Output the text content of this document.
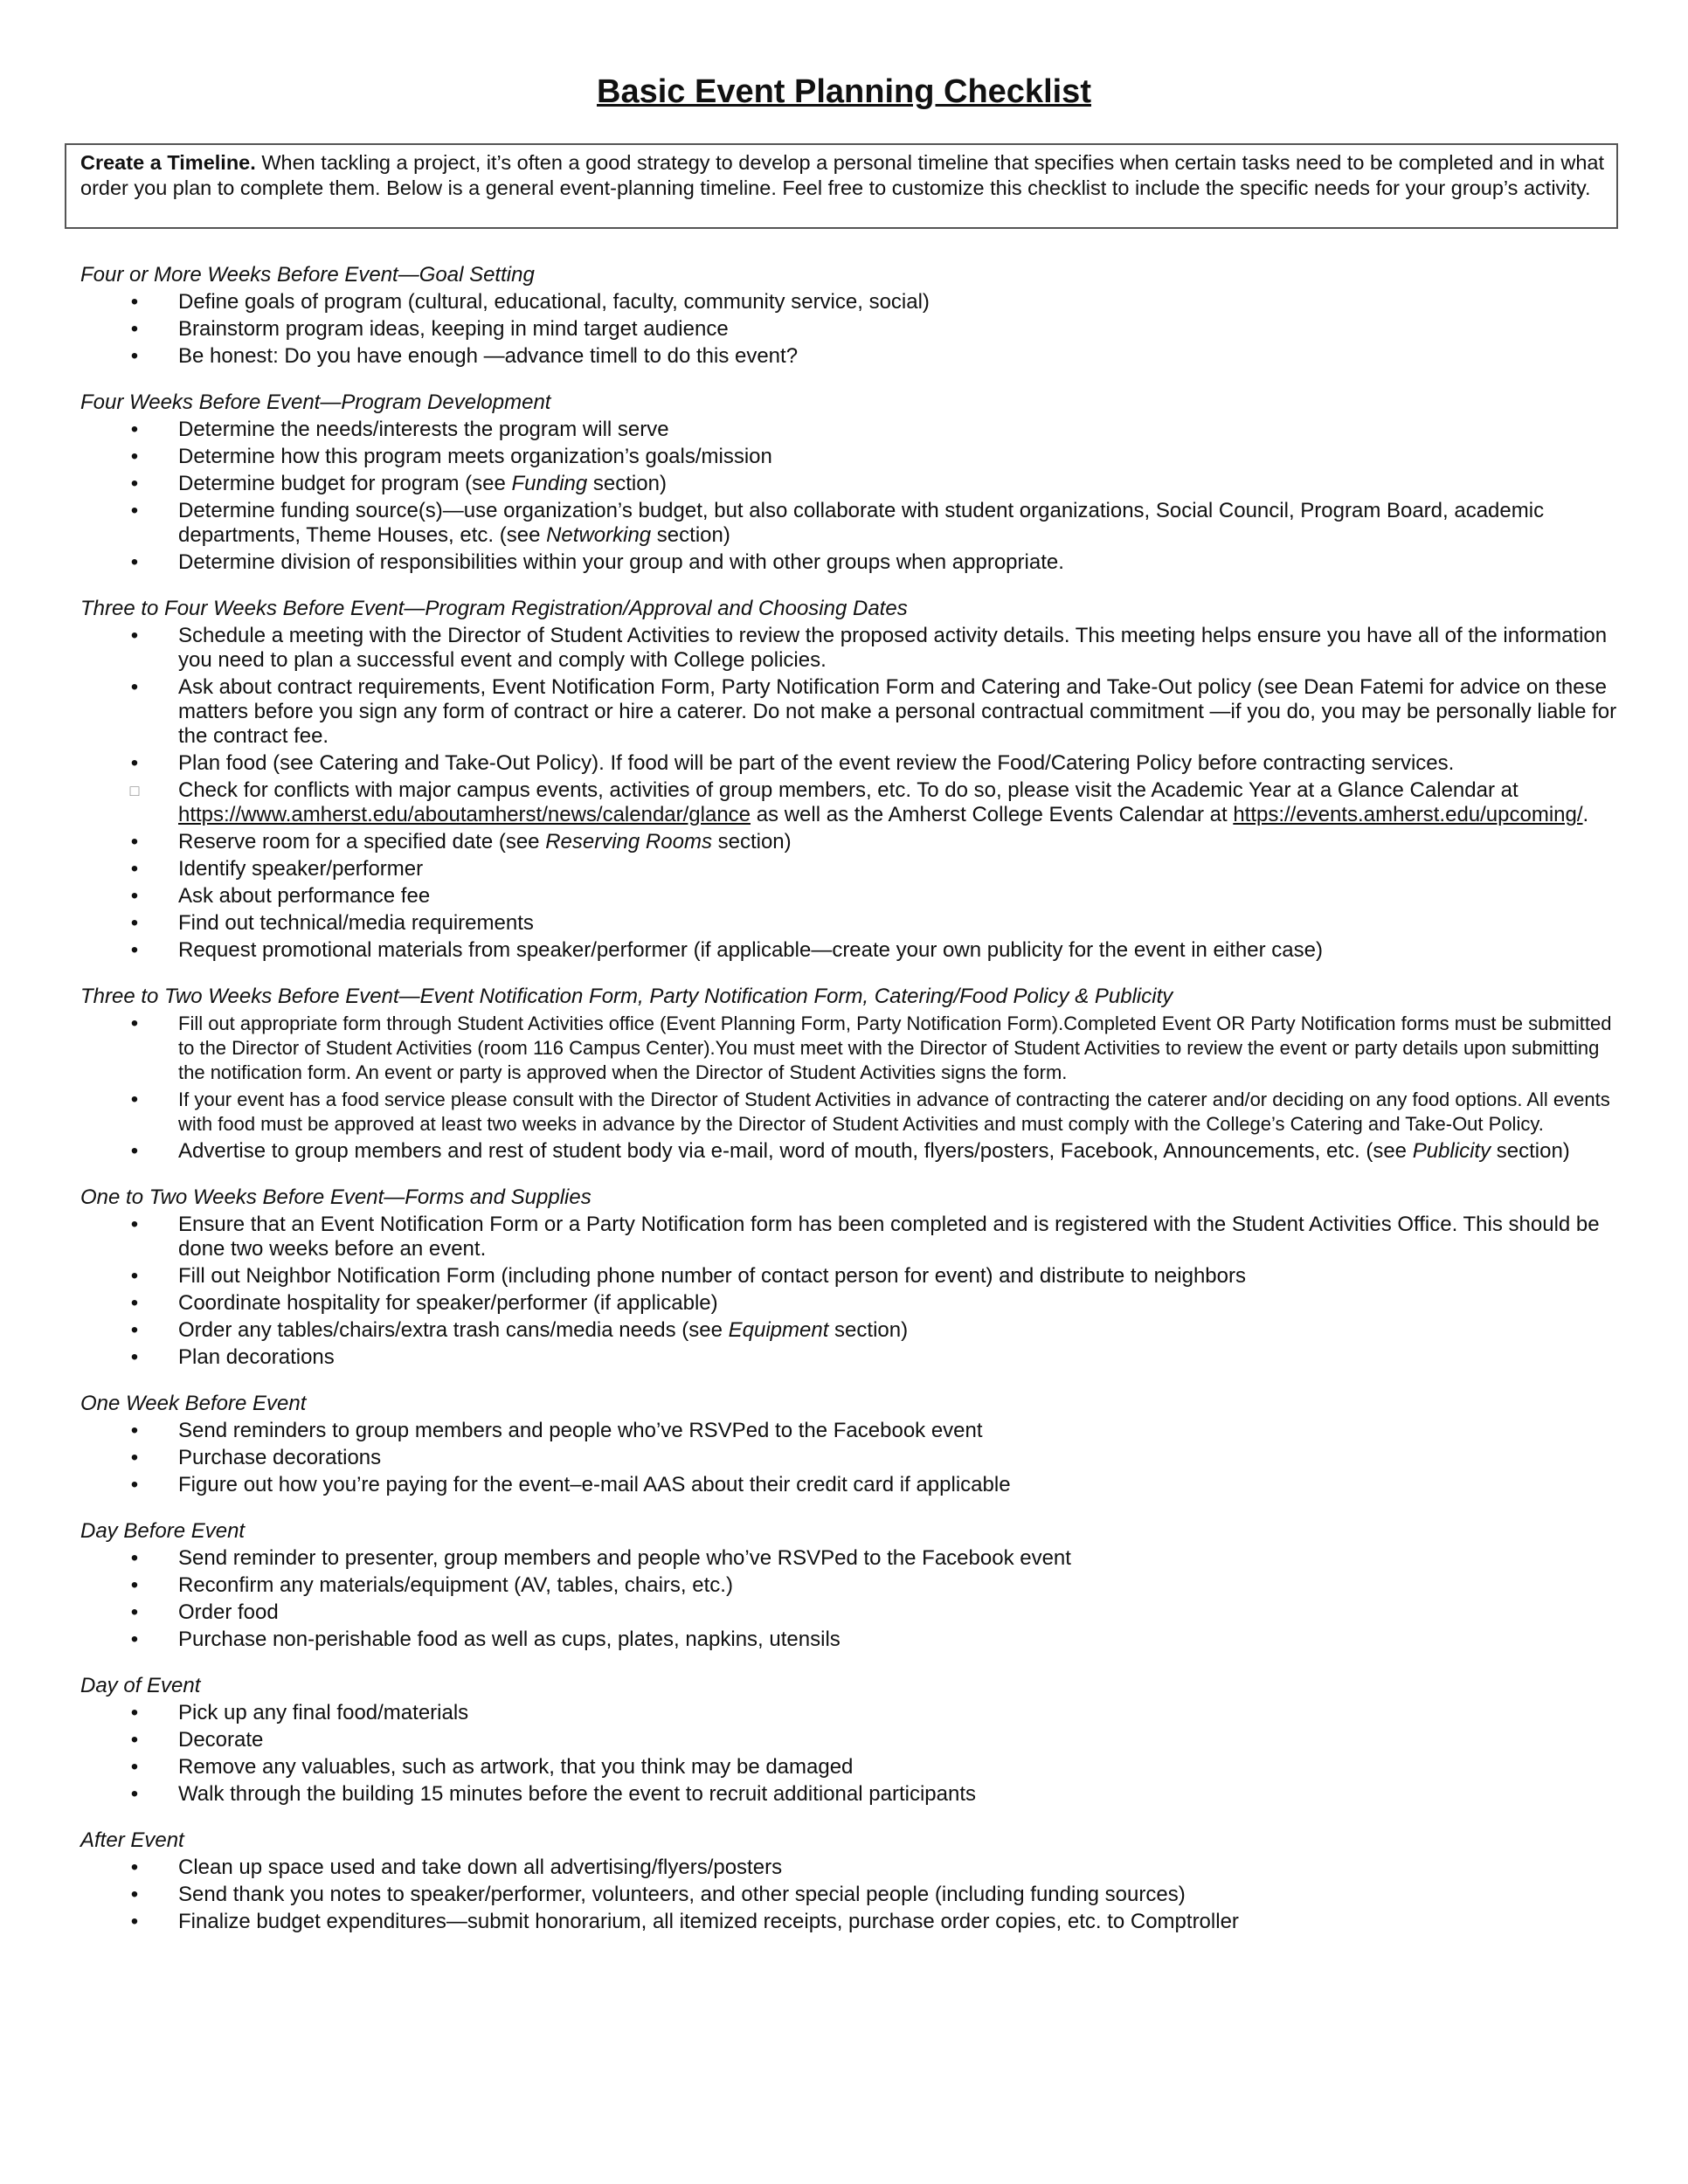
Basic Event Planning Checklist
Create a Timeline. When tackling a project, it’s often a good strategy to develop a personal timeline that specifies when certain tasks need to be completed and in what order you plan to complete them. Below is a general event-planning timeline. Feel free to customize this checklist to include the specific needs for your group’s activity.

Four or More Weeks Before Event—Goal Setting

• Define goals of program (cultural, educational, faculty, community service, social)
• Brainstorm program ideas, keeping in mind target audience
• Be honest: Do you have enough ―advance time‖ to do this event?

Four Weeks Before Event—Program Development

• Determine the needs/interests the program will serve
• Determine how this program meets organization’s goals/mission
• Determine budget for program (see Funding section)
• Determine funding source(s)—use organization’s budget, but also collaborate with student organizations, Social Council, Program Board, academic departments, Theme Houses, etc. (see Networking section)
• Determine division of responsibilities within your group and with other groups when appropriate.

Three to Four Weeks Before Event—Program Registration/Approval and Choosing Dates

• Schedule a meeting with the Director of Student Activities to review the proposed activity details. This meeting helps ensure you have all of the information you need to plan a successful event and comply with College policies.
• Ask about contract requirements, Event Notification Form, Party Notification Form and Catering and Take-Out policy (see Dean Fatemi for advice on these matters before you sign any form of contract or hire a caterer. Do not make a personal contractual commitment ―if you do, you may be personally liable for the contract fee.
• Plan food (see Catering and Take-Out Policy). If food will be part of the event review the Food/Catering Policy before contracting services.
□ Check for conflicts with major campus events, activities of group members, etc. To do so, please visit the Academic Year at a Glance Calendar at https://www.amherst.edu/aboutamherst/news/calendar/glance as well as the Amherst College Events Calendar at https://events.amherst.edu/upcoming/.
• Reserve room for a specified date (see Reserving Rooms section)
• Identify speaker/performer
• Ask about performance fee
• Find out technical/media requirements
• Request promotional materials from speaker/performer (if applicable—create your own publicity for the event in either case)

Three to Two Weeks Before Event—Event Notification Form, Party Notification Form, Catering/Food Policy & Publicity

• Fill out appropriate form through Student Activities office (Event Planning Form, Party Notification Form).Completed Event OR Party Notification forms must be submitted to the Director of Student Activities (room 116 Campus Center).You must meet with the Director of Student Activities to review the event or party details upon submitting the notification form. An event or party is approved when the Director of Student Activities signs the form.
• If your event has a food service please consult with the Director of Student Activities in advance of contracting the caterer and/or deciding on any food options. All events with food must be approved at least two weeks in advance by the Director of Student Activities and must comply with the College’s Catering and Take-Out Policy.
• Advertise to group members and rest of student body via e-mail, word of mouth, flyers/posters, Facebook, Announcements, etc. (see Publicity section)

One to Two Weeks Before Event—Forms and Supplies

• Ensure that an Event Notification Form or a Party Notification form has been completed and is registered with the Student Activities Office. This should be done two weeks before an event.
• Fill out Neighbor Notification Form (including phone number of contact person for event) and distribute to neighbors
• Coordinate hospitality for speaker/performer (if applicable)
• Order any tables/chairs/extra trash cans/media needs (see Equipment section)
• Plan decorations

One Week Before Event

• Send reminders to group members and people who’ve RSVPed to the Facebook event
• Purchase decorations
• Figure out how you’re paying for the event–e-mail AAS about their credit card if applicable

Day Before Event

• Send reminder to presenter, group members and people who’ve RSVPed to the Facebook event
• Reconfirm any materials/equipment (AV, tables, chairs, etc.)
• Order food
• Purchase non-perishable food as well as cups, plates, napkins, utensils

Day of Event

• Pick up any final food/materials
• Decorate
• Remove any valuables, such as artwork, that you think may be damaged
• Walk through the building 15 minutes before the event to recruit additional participants

After Event

• Clean up space used and take down all advertising/flyers/posters
• Send thank you notes to speaker/performer, volunteers, and other special people (including funding sources)
• Finalize budget expenditures—submit honorarium, all itemized receipts, purchase order copies, etc. to Comptroller
